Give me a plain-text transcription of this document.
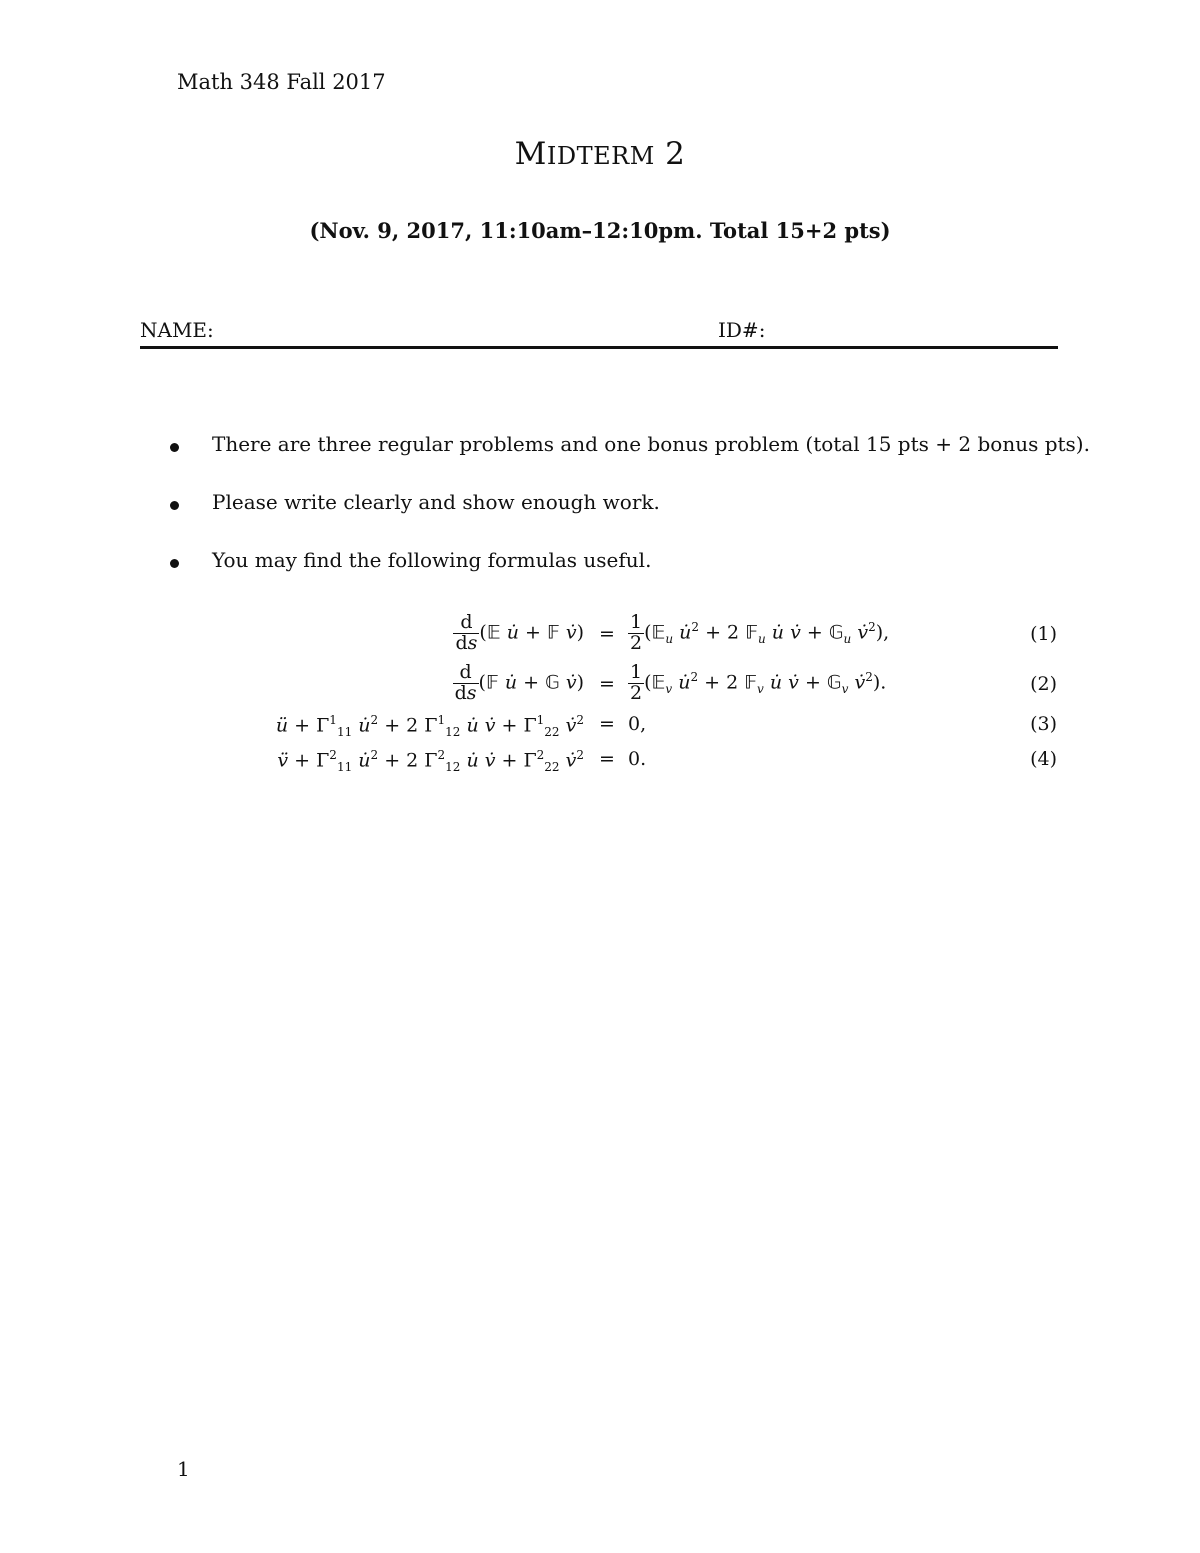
Math 348 Fall 2017
MIDTERM 2
(Nov. 9, 2017, 11:10am–12:10pm. Total 15+2 pts)
NAME:	ID#:
There are three regular problems and one bonus problem (total 15 pts + 2 bonus pts).
Please write clearly and show enough work.
You may find the following formulas useful.
$\frac{d}{ds}$ (𝔼 u̇ + 𝔽 v̇) = $\frac{1}{2}$ (𝔼$_u$ u̇$^2$ + 2 𝔽$_u$ u̇ v̇ + 𝔾$_u$ v̇$^2$),	(1)
$\frac{d}{ds}$ (𝔽 u̇ + 𝔾 v̇) = $\frac{1}{2}$ (𝔼$_v$ u̇$^2$ + 2 𝔽$_v$ u̇ v̇ + 𝔾$_v$ v̇$^2$).	(2)
ü + $\Gamma^1_{11}$ u̇$^2$ + 2 $\Gamma^1_{12}$ u̇ v̇ + $\Gamma^1_{22}$ v̇$^2$ = 0,	(3)
v̈ + $\Gamma^2_{11}$ u̇$^2$ + 2 $\Gamma^2_{12}$ u̇ v̇ + $\Gamma^2_{22}$ v̇$^2$ = 0.	(4)
1
